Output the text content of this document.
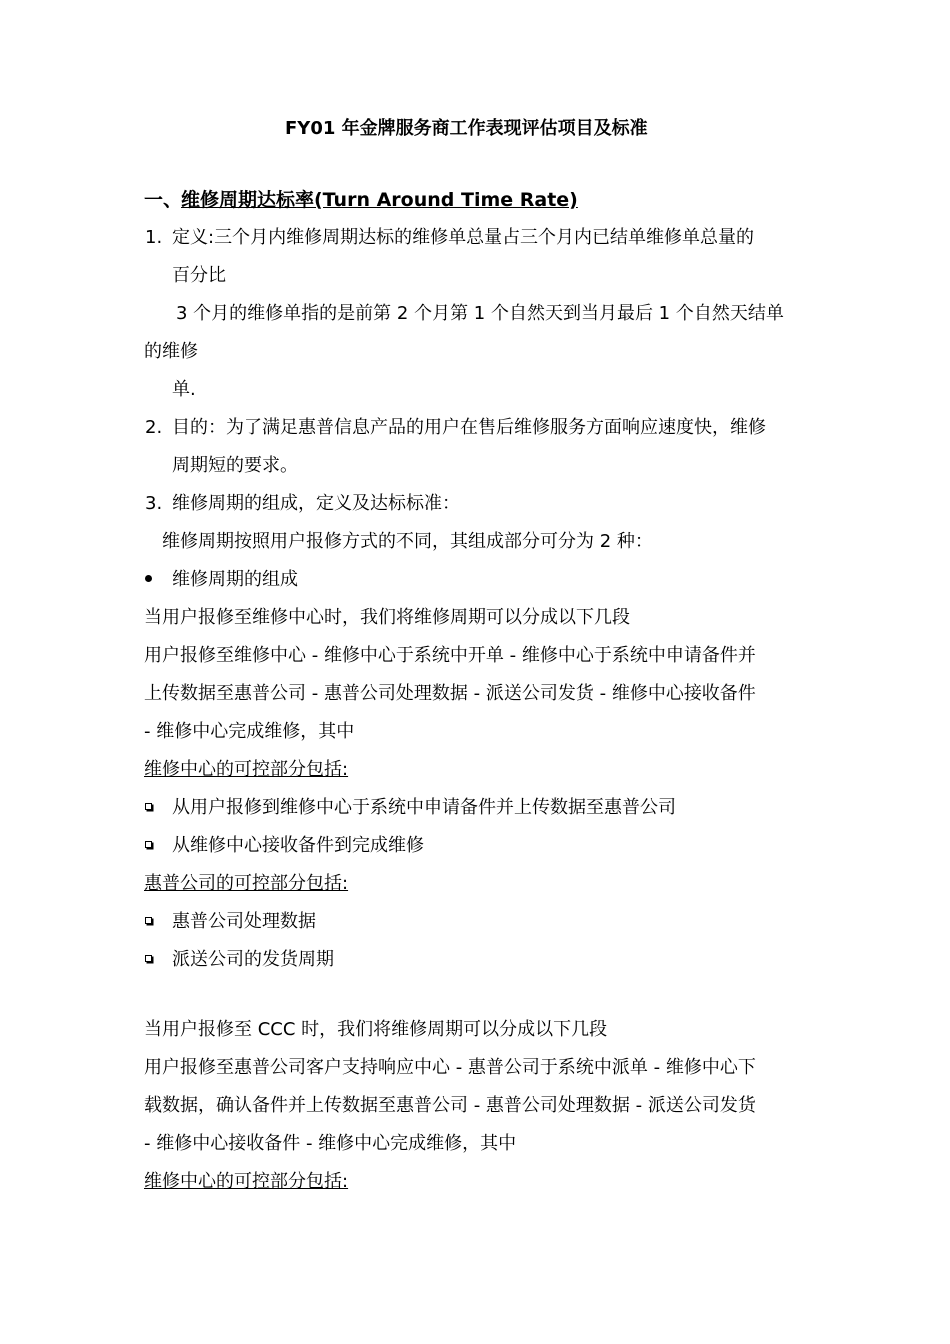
FY01 年金牌服务商工作表现评估项目及标准
一、
维修周期达标率(Turn Around Time Rate)
1. 定义:三个月内维修周期达标的维修单总量占三个月内已结单维修单总量的
百分比
3 个月的维修单指的是前第 2 个月第 1 个自然天到当月最后 1 个自然天结单
的维修
单.
2. 目的：为了满足惠普信息产品的用户在售后维修服务方面响应速度快，维修
周期短的要求。
3. 维修周期的组成，定义及达标标准：
维修周期按照用户报修方式的不同，其组成部分可分为 2 种：
维修周期的组成
当用户报修至维修中心时，我们将维修周期可以分成以下几段
用户报修至维修中心 - 维修中心于系统中开单 - 维修中心于系统中申请备件并
上传数据至惠普公司 - 惠普公司处理数据 - 派送公司发货 - 维修中心接收备件
- 维修中心完成维修，其中
维修中心的可控部分包括:
从用户报修到维修中心于系统中申请备件并上传数据至惠普公司
从维修中心接收备件到完成维修
惠普公司的可控部分包括:
惠普公司处理数据
派送公司的发货周期
当用户报修至 CCC 时，我们将维修周期可以分成以下几段
用户报修至惠普公司客户支持响应中心 - 惠普公司于系统中派单 - 维修中心下
载数据，确认备件并上传数据至惠普公司 - 惠普公司处理数据 - 派送公司发货
- 维修中心接收备件 - 维修中心完成维修，其中
维修中心的可控部分包括:
